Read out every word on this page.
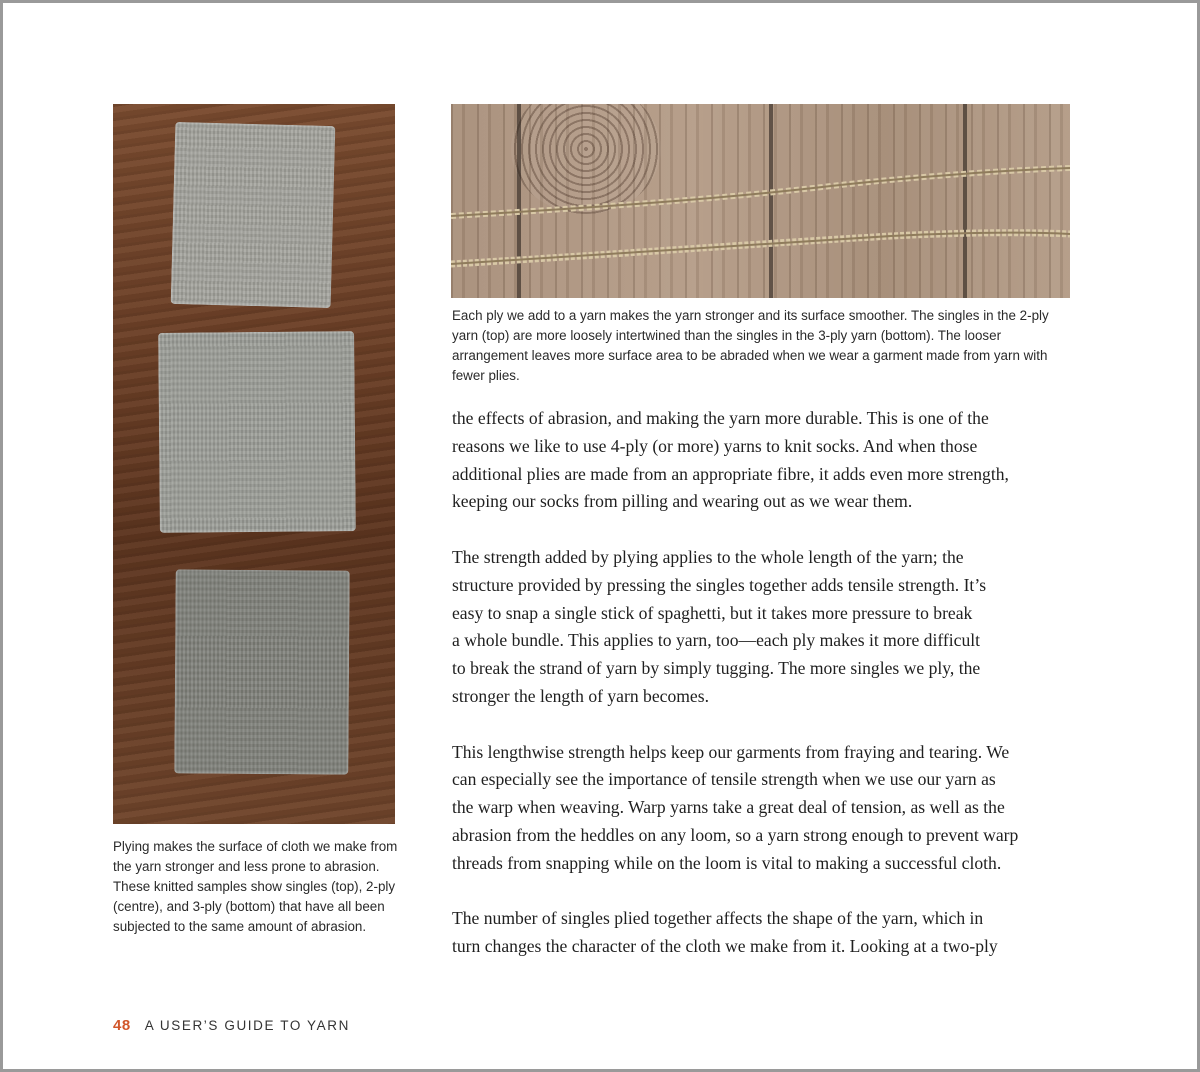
Plying makes the surface of cloth we make from the yarn stronger and less prone to abrasion. These knitted samples show singles (top), 2-ply (centre), and 3-ply (bottom) that have all been subjected to the same amount of abrasion.

Each ply we add to a yarn makes the yarn stronger and its surface smoother. The singles in the 2-ply yarn (top) are more loosely intertwined than the singles in the 3-ply yarn (bottom). The looser arrangement leaves more surface area to be abraded when we wear a garment made from yarn with fewer plies.

the effects of abrasion, and making the yarn more durable. This is one of the
reasons we like to use 4-ply (or more) yarns to knit socks. And when those
additional plies are made from an appropriate fibre, it adds even more strength,
keeping our socks from pilling and wearing out as we wear them.

The strength added by plying applies to the whole length of the yarn; the
structure provided by pressing the singles together adds tensile strength. It’s
easy to snap a single stick of spaghetti, but it takes more pressure to break
a whole bundle. This applies to yarn, too—each ply makes it more difficult
to break the strand of yarn by simply tugging. The more singles we ply, the
stronger the length of yarn becomes.

This lengthwise strength helps keep our garments from fraying and tearing. We
can especially see the importance of tensile strength when we use our yarn as
the warp when weaving. Warp yarns take a great deal of tension, as well as the
abrasion from the heddles on any loom, so a yarn strong enough to prevent warp
threads from snapping while on the loom is vital to making a successful cloth.

The number of singles plied together affects the shape of the yarn, which in
turn changes the character of the cloth we make from it. Looking at a two-ply

48 A USER’S GUIDE TO YARN
